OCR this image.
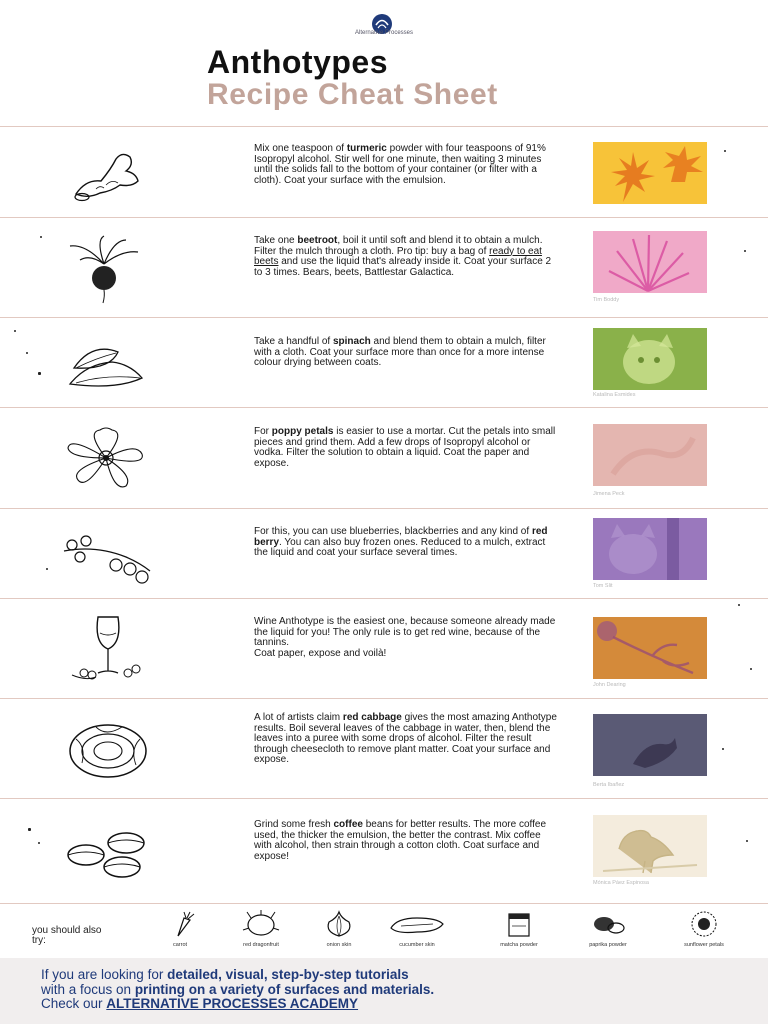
Alternative Processes
Anthotypes
Recipe Cheat Sheet
Mix one teaspoon of turmeric powder with four teaspoons of 91% Isopropyl alcohol. Stir well for one minute, then waiting 3 minutes until the solids fall to the bottom of your container (or filter with a cloth). Coat your surface with the emulsion.
Take one beetroot, boil it until soft and blend it to obtain a mulch. Filter the mulch through a cloth. Pro tip: buy a bag of ready to eat beets and use the liquid that's already inside it. Coat your surface 2 to 3 times. Bears, beets, Battlestar Galactica.
Tim Boddy
Take a handful of spinach and blend them to obtain a mulch, filter with a cloth. Coat your surface more than once for a more intense colour drying between coats.
Katalina Esmides
For poppy petals is easier to use a mortar. Cut the petals into small pieces and grind them. Add a few drops of Isopropyl alcohol or vodka. Filter the solution to obtain a liquid. Coat the paper and expose.
Jimena Peck
For this, you can use blueberries, blackberries and any kind of red berry. You can also buy frozen ones. Reduced to a mulch, extract the liquid and coat your surface several times.
Tom Slit
Wine Anthotype is the easiest one, because someone already made the liquid for you! The only rule is to get red wine, because of the tannins.
Coat paper, expose and voilà!
John Dearing
A lot of artists claim red cabbage gives the most amazing Anthotype results. Boil several leaves of the cabbage in water, then, blend the leaves into a puree with some drops of alcohol. Filter the result through cheesecloth to remove plant matter. Coat your surface and expose.
Berta Ibañez
Grind some fresh coffee beans for better results. The more coffee used, the thicker the emulsion, the better the contrast. Mix coffee with alcohol, then strain through a cotton cloth. Coat surface and expose!
Mónica Páez Espinosa
you should also try:	carrot	red dragonfruit	onion skin	cucumber skin	matcha powder	paprika powder	sunflower petals
If you are looking for detailed, visual, step-by-step tutorials
with a focus on printing on a variety of surfaces and materials.
Check our ALTERNATIVE PROCESSES ACADEMY
